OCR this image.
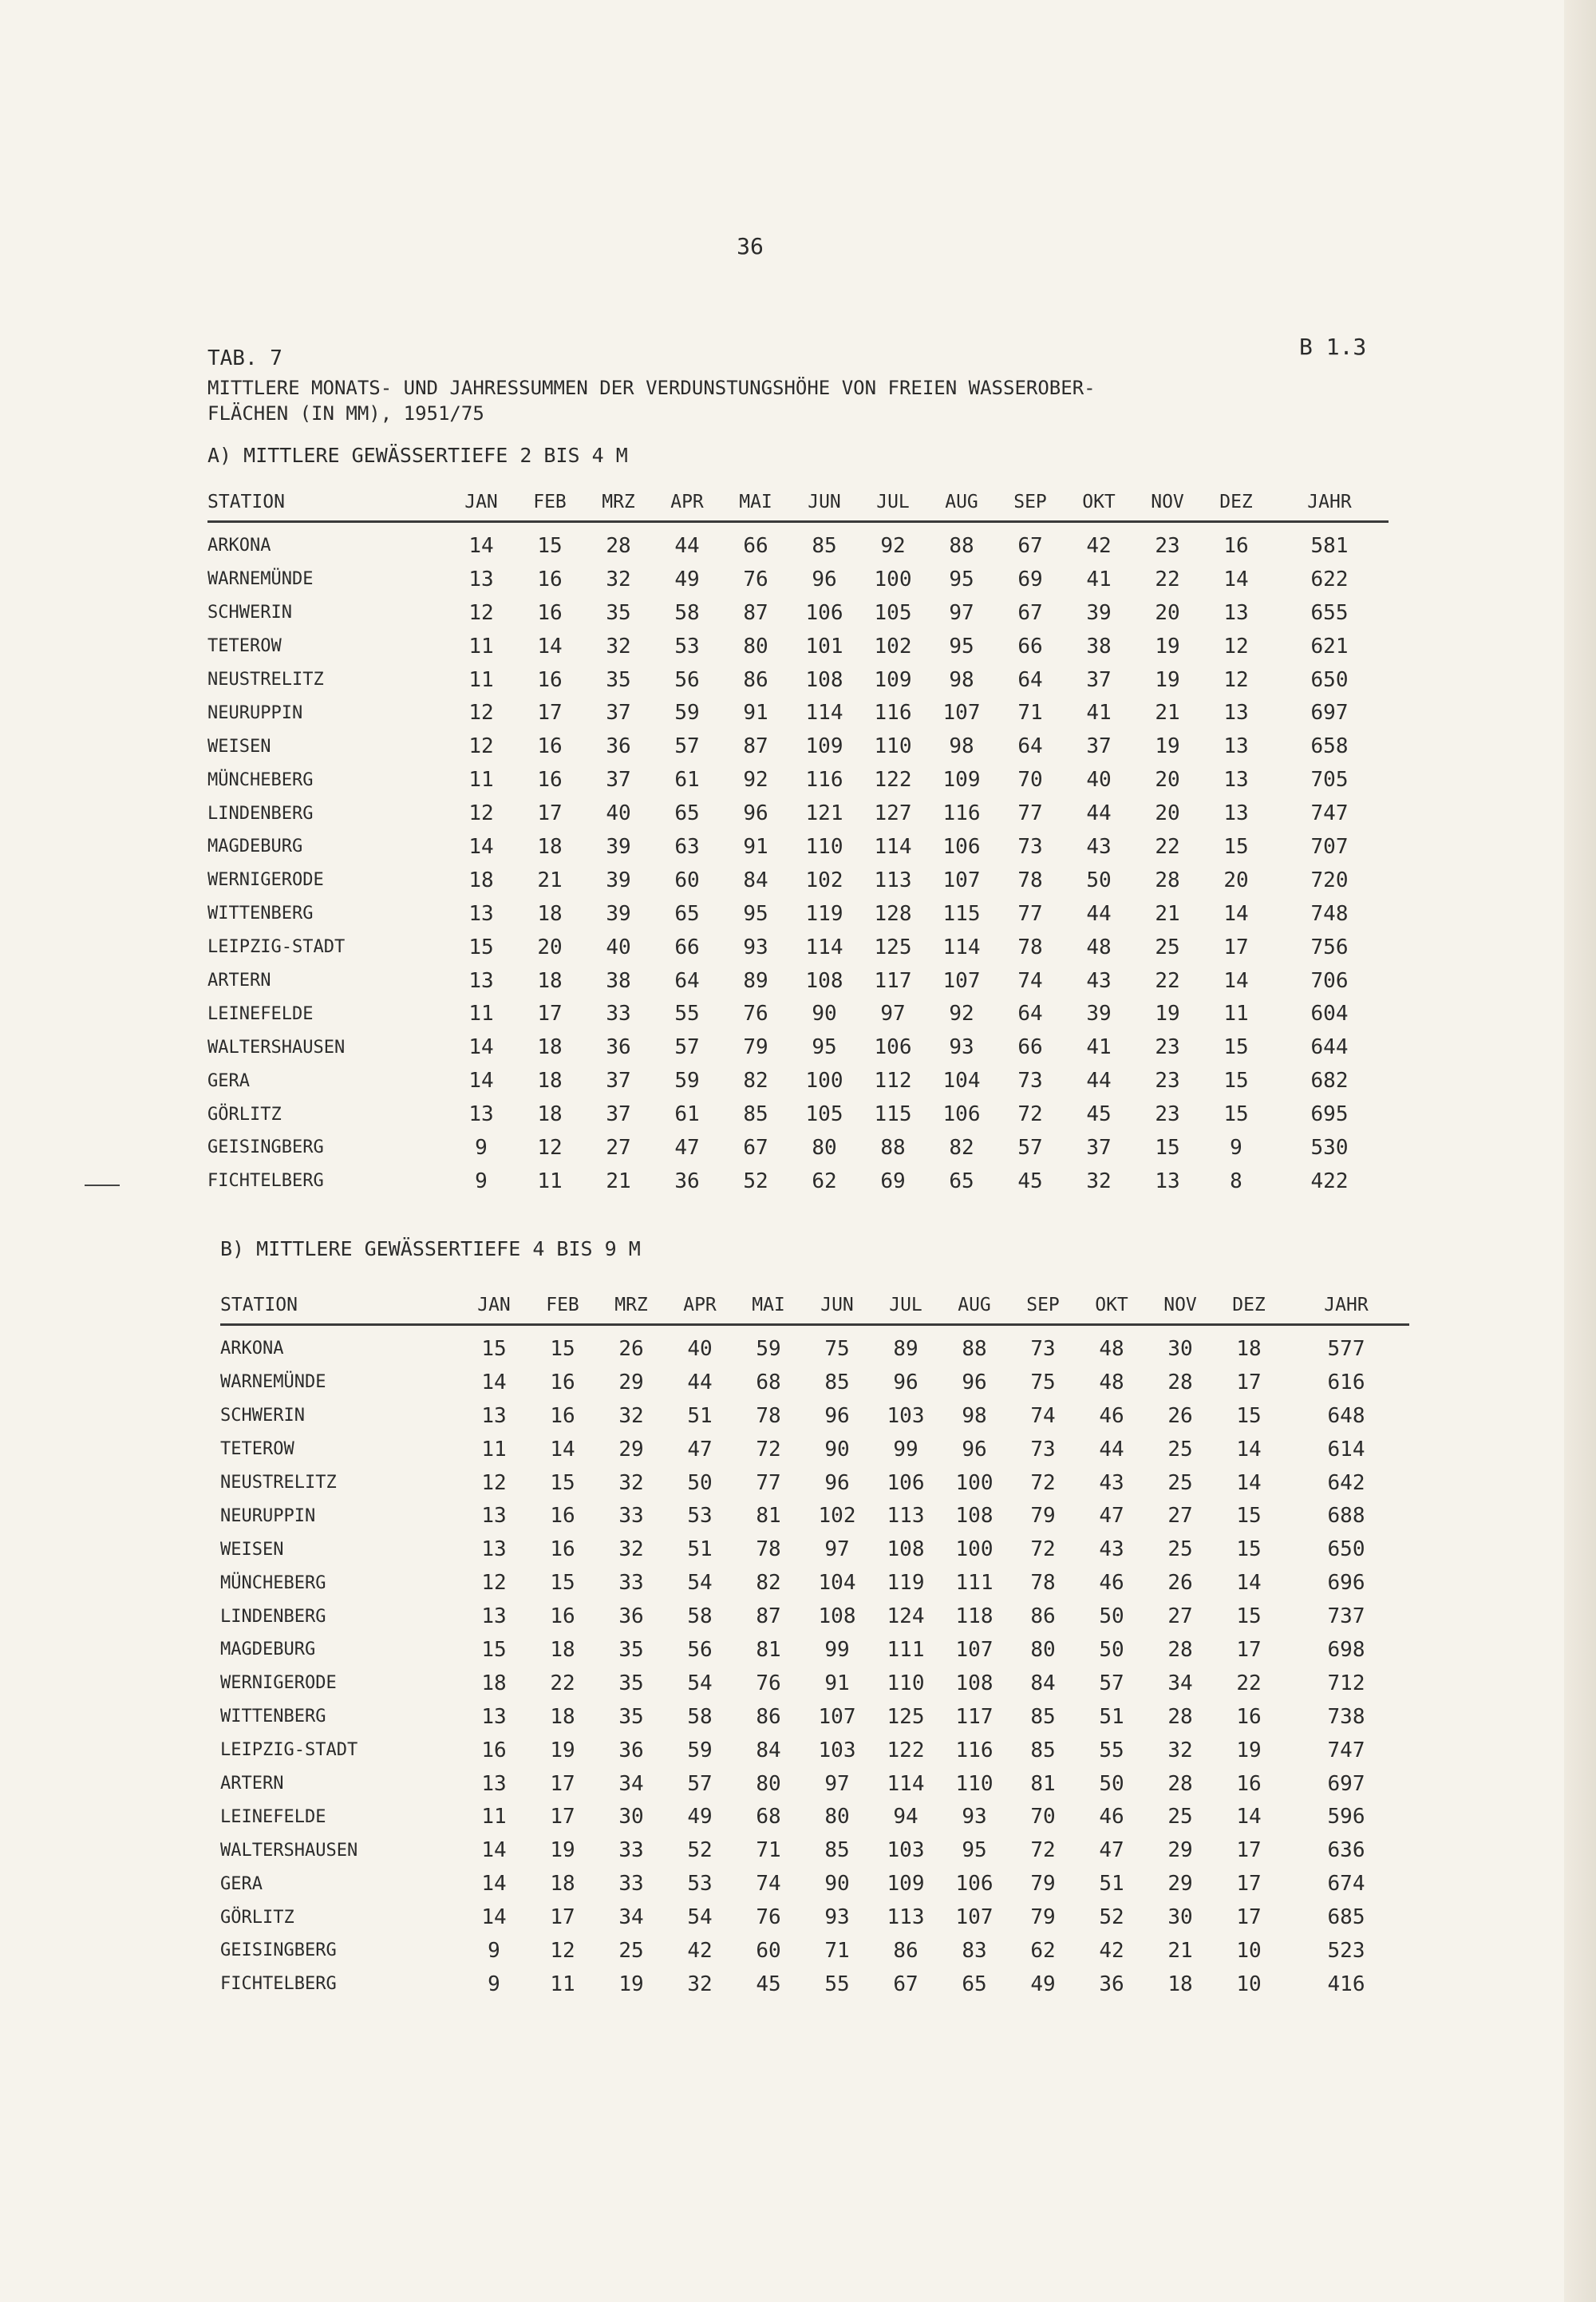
36
B 1.3
TAB. 7
MITTLERE MONATS- UND JAHRESSUMMEN DER VERDUNSTUNGSHÖHE VON FREIEN WASSEROBER-
FLÄCHEN (IN MM), 1951/75
A) MITTLERE GEWÄSSERTIEFE 2 BIS 4 M
STATION	JAN	FEB	MRZ	APR	MAI	JUN	JUL	AUG	SEP	OKT	NOV	DEZ	JAHR
ARKONA	14	15	28	44	66	85	92	88	67	42	23	16	581
WARNEMÜNDE	13	16	32	49	76	96	100	95	69	41	22	14	622
SCHWERIN	12	16	35	58	87	106	105	97	67	39	20	13	655
TETEROW	11	14	32	53	80	101	102	95	66	38	19	12	621
NEUSTRELITZ	11	16	35	56	86	108	109	98	64	37	19	12	650
NEURUPPIN	12	17	37	59	91	114	116	107	71	41	21	13	697
WEISEN	12	16	36	57	87	109	110	98	64	37	19	13	658
MÜNCHEBERG	11	16	37	61	92	116	122	109	70	40	20	13	705
LINDENBERG	12	17	40	65	96	121	127	116	77	44	20	13	747
MAGDEBURG	14	18	39	63	91	110	114	106	73	43	22	15	707
WERNIGERODE	18	21	39	60	84	102	113	107	78	50	28	20	720
WITTENBERG	13	18	39	65	95	119	128	115	77	44	21	14	748
LEIPZIG-STADT	15	20	40	66	93	114	125	114	78	48	25	17	756
ARTERN	13	18	38	64	89	108	117	107	74	43	22	14	706
LEINEFELDE	11	17	33	55	76	90	97	92	64	39	19	11	604
WALTERSHAUSEN	14	18	36	57	79	95	106	93	66	41	23	15	644
GERA	14	18	37	59	82	100	112	104	73	44	23	15	682
GÖRLITZ	13	18	37	61	85	105	115	106	72	45	23	15	695
GEISINGBERG	9	12	27	47	67	80	88	82	57	37	15	9	530
FICHTELBERG	9	11	21	36	52	62	69	65	45	32	13	8	422
B) MITTLERE GEWÄSSERTIEFE 4 BIS 9 M
STATION	JAN	FEB	MRZ	APR	MAI	JUN	JUL	AUG	SEP	OKT	NOV	DEZ	JAHR
ARKONA	15	15	26	40	59	75	89	88	73	48	30	18	577
WARNEMÜNDE	14	16	29	44	68	85	96	96	75	48	28	17	616
SCHWERIN	13	16	32	51	78	96	103	98	74	46	26	15	648
TETEROW	11	14	29	47	72	90	99	96	73	44	25	14	614
NEUSTRELITZ	12	15	32	50	77	96	106	100	72	43	25	14	642
NEURUPPIN	13	16	33	53	81	102	113	108	79	47	27	15	688
WEISEN	13	16	32	51	78	97	108	100	72	43	25	15	650
MÜNCHEBERG	12	15	33	54	82	104	119	111	78	46	26	14	696
LINDENBERG	13	16	36	58	87	108	124	118	86	50	27	15	737
MAGDEBURG	15	18	35	56	81	99	111	107	80	50	28	17	698
WERNIGERODE	18	22	35	54	76	91	110	108	84	57	34	22	712
WITTENBERG	13	18	35	58	86	107	125	117	85	51	28	16	738
LEIPZIG-STADT	16	19	36	59	84	103	122	116	85	55	32	19	747
ARTERN	13	17	34	57	80	97	114	110	81	50	28	16	697
LEINEFELDE	11	17	30	49	68	80	94	93	70	46	25	14	596
WALTERSHAUSEN	14	19	33	52	71	85	103	95	72	47	29	17	636
GERA	14	18	33	53	74	90	109	106	79	51	29	17	674
GÖRLITZ	14	17	34	54	76	93	113	107	79	52	30	17	685
GEISINGBERG	9	12	25	42	60	71	86	83	62	42	21	10	523
FICHTELBERG	9	11	19	32	45	55	67	65	49	36	18	10	416
